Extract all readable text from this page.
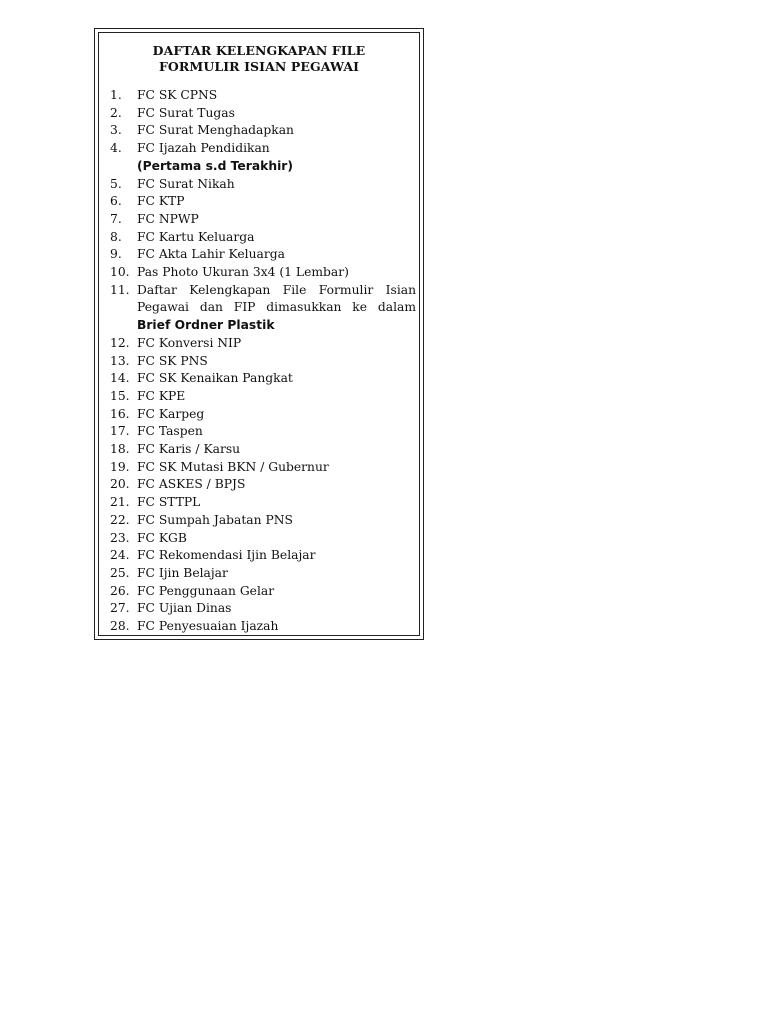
DAFTAR KELENGKAPAN FILE
FORMULIR ISIAN PEGAWAI
1.	FC SK CPNS
2.	FC Surat Tugas
3.	FC Surat Menghadapkan
4.	FC Ijazah Pendidikan
(Pertama s.d Terakhir)
5.	FC Surat Nikah
6.	FC KTP
7.	FC NPWP
8.	FC Kartu Keluarga
9.	FC Akta Lahir Keluarga
10. Pas Photo Ukuran 3x4 (1 Lembar)
11. Daftar Kelengkapan File Formulir Isian
Pegawai dan FIP dimasukkan ke dalam
Brief Ordner Plastik
12. FC Konversi NIP
13. FC SK PNS
14. FC SK Kenaikan Pangkat
15. FC KPE
16. FC Karpeg
17. FC Taspen
18. FC Karis / Karsu
19. FC SK Mutasi BKN / Gubernur
20. FC ASKES / BPJS
21. FC STTPL
22. FC Sumpah Jabatan PNS
23. FC KGB
24. FC Rekomendasi Ijin Belajar
25. FC Ijin Belajar
26. FC Penggunaan Gelar
27. FC Ujian Dinas
28. FC Penyesuaian Ijazah
